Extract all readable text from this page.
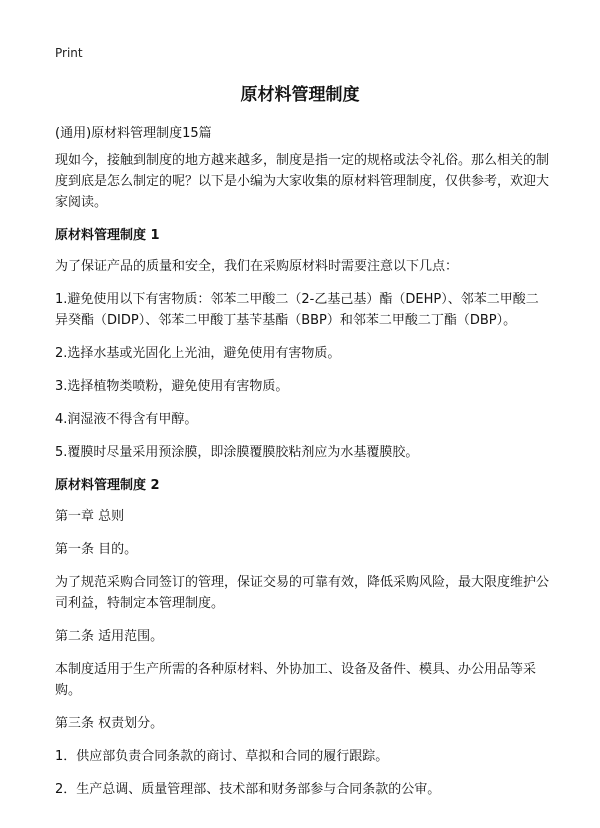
Print
原材料管理制度
(通用)原材料管理制度15篇

现如今，接触到制度的地方越来越多，制度是指一定的规格或法令礼俗。那么相关的制度到底是怎么制定的呢？以下是小编为大家收集的原材料管理制度，仅供参考，欢迎大家阅读。

原材料管理制度 1

为了保证产品的质量和安全，我们在采购原材料时需要注意以下几点：

1.避免使用以下有害物质：邻苯二甲酸二（2-乙基己基）酯（DEHP）、邻苯二甲酸二异癸酯（DIDP）、邻苯二甲酸丁基苄基酯（BBP）和邻苯二甲酸二丁酯（DBP）。

2.选择水基或光固化上光油，避免使用有害物质。

3.选择植物类喷粉，避免使用有害物质。

4.润湿液不得含有甲醇。

5.覆膜时尽量采用预涂膜，即涂膜覆膜胶粘剂应为水基覆膜胶。

原材料管理制度 2

第一章 总则

第一条 目的。

为了规范采购合同签订的管理，保证交易的可靠有效，降低采购风险，最大限度维护公司利益，特制定本管理制度。

第二条 适用范围。

本制度适用于生产所需的各种原材料、外协加工、设备及备件、模具、办公用品等采购。

第三条 权责划分。

1．供应部负责合同条款的商讨、草拟和合同的履行跟踪。

2．生产总调、质量管理部、技术部和财务部参与合同条款的公审。
